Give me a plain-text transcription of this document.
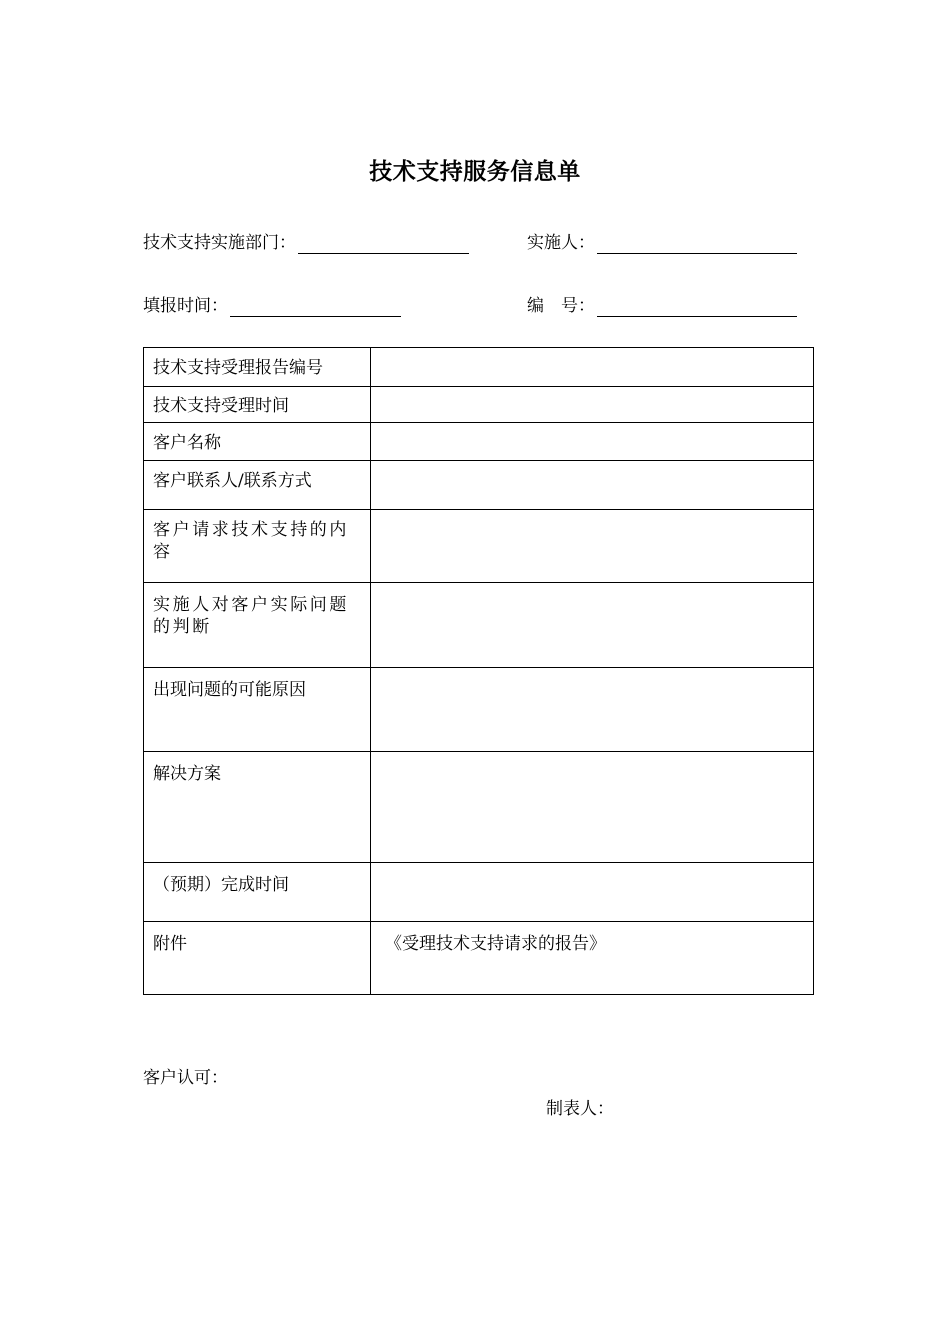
技术支持服务信息单
技术支持实施部门：	实施人：
填报时间：	编　号：
技术支持受理报告编号	
技术支持受理时间	
客户名称	
客户联系人/联系方式	
客户请求技术支持的内容	
实施人对客户实际问题的判断	
出现问题的可能原因	
解决方案	
（预期）完成时间	
附件	《受理技术支持请求的报告》
客户认可：
制表人：
